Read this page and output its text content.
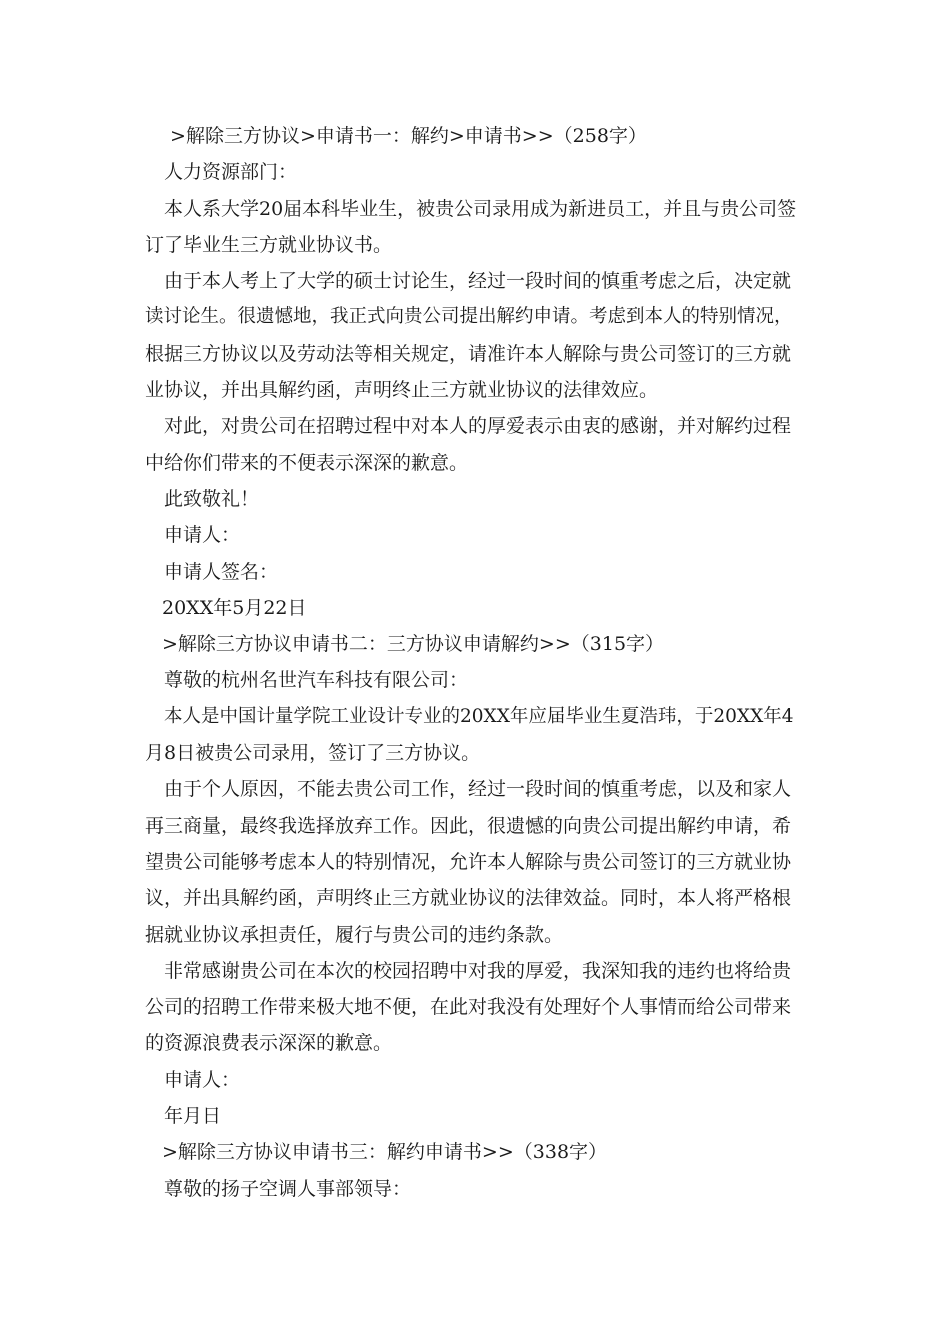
>解除三方协议>申请书一：解约>申请书>>（258字）

人力资源部门：

本人系大学20届本科毕业生，被贵公司录用成为新进员工，并且与贵公司签

订了毕业生三方就业协议书。

由于本人考上了大学的硕士讨论生，经过一段时间的慎重考虑之后，决定就

读讨论生。很遗憾地，我正式向贵公司提出解约申请。考虑到本人的特别情况，

根据三方协议以及劳动法等相关规定，请准许本人解除与贵公司签订的三方就

业协议，并出具解约函，声明终止三方就业协议的法律效应。

对此，对贵公司在招聘过程中对本人的厚爱表示由衷的感谢，并对解约过程

中给你们带来的不便表示深深的歉意。

此致敬礼！

申请人：

申请人签名：

20XX年5月22日

>解除三方协议申请书二：三方协议申请解约>>（315字）

尊敬的杭州名世汽车科技有限公司：

本人是中国计量学院工业设计专业的20XX年应届毕业生夏浩玮，于20XX年4

月8日被贵公司录用，签订了三方协议。

由于个人原因，不能去贵公司工作，经过一段时间的慎重考虑，以及和家人

再三商量，最终我选择放弃工作。因此，很遗憾的向贵公司提出解约申请，希

望贵公司能够考虑本人的特别情况，允许本人解除与贵公司签订的三方就业协

议，并出具解约函，声明终止三方就业协议的法律效益。同时，本人将严格根

据就业协议承担责任，履行与贵公司的违约条款。

非常感谢贵公司在本次的校园招聘中对我的厚爱，我深知我的违约也将给贵

公司的招聘工作带来极大地不便，在此对我没有处理好个人事情而给公司带来

的资源浪费表示深深的歉意。

申请人：

年月日

>解除三方协议申请书三：解约申请书>>（338字）

尊敬的扬子空调人事部领导：
